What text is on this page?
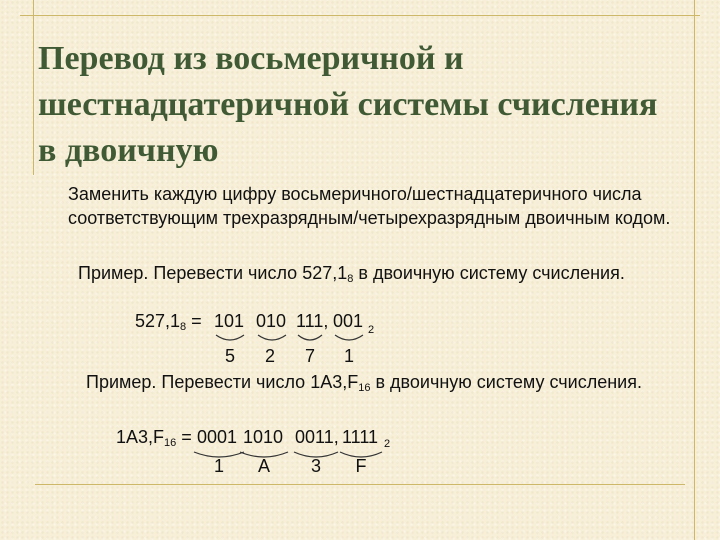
Перевод из восьмеричной и шестнадцатеричной системы счисления в двоичную
Заменить каждую цифру восьмеричного/шестнадцатеричного числа
соответствующим трехразрядным/четырехразрядным двоичным кодом.
Пример. Перевести число $527,1_8$ в двоичную систему счисления.
$527,1_8 = 101$ 010 111, 001 2
5 2 7 1
Пример. Перевести число $1A3,F_{16}$ в двоичную систему счисления.
$1A3,F_{16} = 0001$ 1010 0011, 1111 2
1 A 3 F
